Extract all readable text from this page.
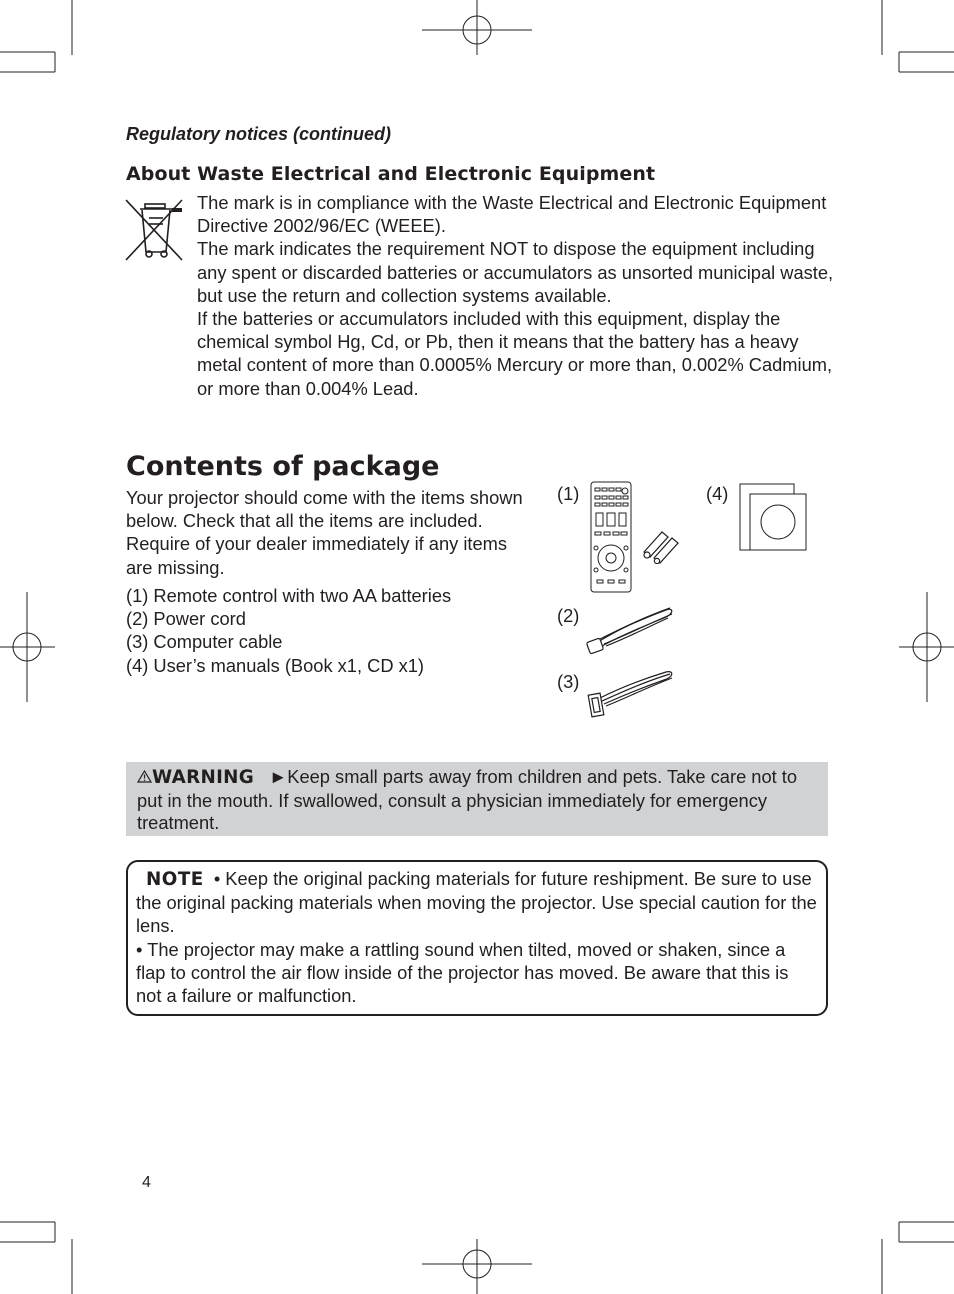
Regulatory notices (continued)
About Waste Electrical and Electronic Equipment

The mark is in compliance with the Waste Electrical and Electronic Equipment Directive 2002/96/EC (WEEE).

The mark indicates the requirement NOT to dispose the equipment including any spent or discarded batteries or accumulators as unsorted municipal waste, but use the return and collection systems available.

If the batteries or accumulators included with this equipment, display the chemical symbol Hg, Cd, or Pb, then it means that the battery has a heavy metal content of more than 0.0005% Mercury or more than, 0.002% Cadmium, or more than 0.004% Lead.

Contents of package
Your projector should come with the items shown below. Check that all the items are included. Require of your dealer immediately if any items are missing.
(1) Remote control with two AA batteries
(2) Power cord
(3) Computer cable
(4) User’s manuals (Book x1, CD x1)
(1)
(2)
(3)
(4)
WARNING ►Keep small parts away from children and pets. Take care not to put in the mouth. If swallowed, consult a physician immediately for emergency treatment.

NOTE • Keep the original packing materials for future reshipment. Be sure to use the original packing materials when moving the projector. Use special caution for the lens.

• The projector may make a rattling sound when tilted, moved or shaken, since a flap to control the air flow inside of the projector has moved. Be aware that this is not a failure or malfunction.

4
